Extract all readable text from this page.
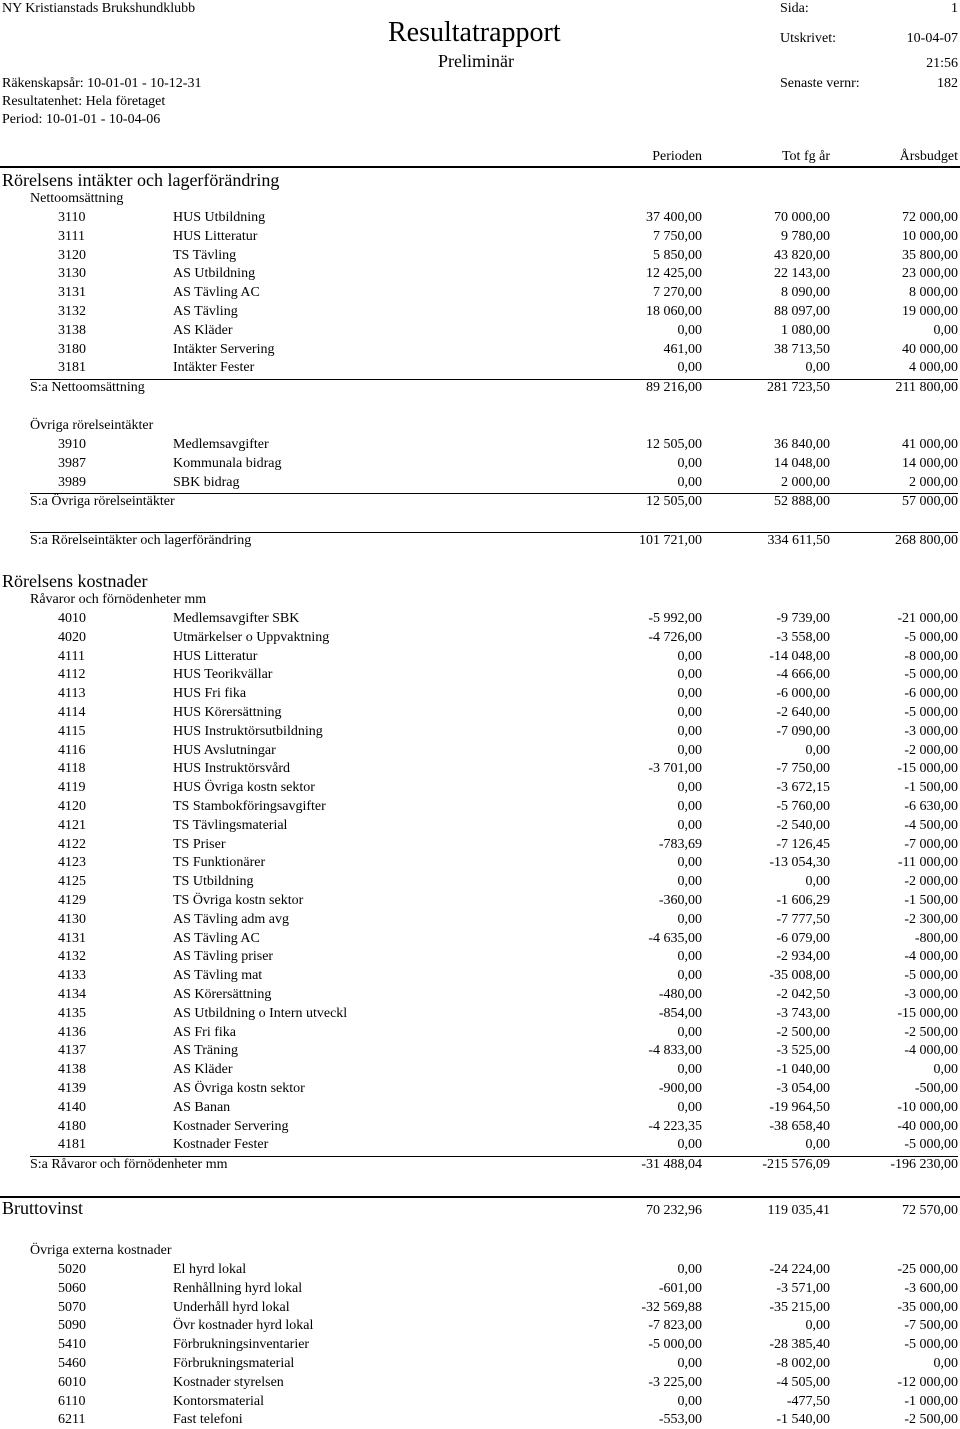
NY Kristianstads Brukshundklubb
Resultatrapport
Preliminär
Sida:	1
Utskrivet:	10-04-07
21:56
Räkenskapsår: 10-01-01 - 10-12-31
Resultatenhet: Hela företaget
Period: 10-01-01 - 10-04-06
Senaste vernr:	182
Perioden	Tot fg år	Årsbudget
Rörelsens intäkter och lagerförändring
Nettoomsättning
3110	HUS Utbildning	37 400,00	70 000,00	72 000,00
3111	HUS Litteratur	7 750,00	9 780,00	10 000,00
3120	TS Tävling	5 850,00	43 820,00	35 800,00
3130	AS Utbildning	12 425,00	22 143,00	23 000,00
3131	AS Tävling AC	7 270,00	8 090,00	8 000,00
3132	AS Tävling	18 060,00	88 097,00	19 000,00
3138	AS Kläder	0,00	1 080,00	0,00
3180	Intäkter Servering	461,00	38 713,50	40 000,00
3181	Intäkter Fester	0,00	0,00	4 000,00
S:a Nettoomsättning	89 216,00	281 723,50	211 800,00
Övriga rörelseintäkter
3910	Medlemsavgifter	12 505,00	36 840,00	41 000,00
3987	Kommunala bidrag	0,00	14 048,00	14 000,00
3989	SBK bidrag	0,00	2 000,00	2 000,00
S:a Övriga rörelseintäkter	12 505,00	52 888,00	57 000,00
S:a Rörelseintäkter och lagerförändring	101 721,00	334 611,50	268 800,00
Rörelsens kostnader
Råvaror och förnödenheter mm
4010	Medlemsavgifter SBK	-5 992,00	-9 739,00	-21 000,00
4020	Utmärkelser o Uppvaktning	-4 726,00	-3 558,00	-5 000,00
4111	HUS Litteratur	0,00	-14 048,00	-8 000,00
4112	HUS Teorikvällar	0,00	-4 666,00	-5 000,00
4113	HUS Fri fika	0,00	-6 000,00	-6 000,00
4114	HUS Körersättning	0,00	-2 640,00	-5 000,00
4115	HUS Instruktörsutbildning	0,00	-7 090,00	-3 000,00
4116	HUS Avslutningar	0,00	0,00	-2 000,00
4118	HUS Instruktörsvård	-3 701,00	-7 750,00	-15 000,00
4119	HUS Övriga kostn sektor	0,00	-3 672,15	-1 500,00
4120	TS Stambokföringsavgifter	0,00	-5 760,00	-6 630,00
4121	TS Tävlingsmaterial	0,00	-2 540,00	-4 500,00
4122	TS Priser	-783,69	-7 126,45	-7 000,00
4123	TS Funktionärer	0,00	-13 054,30	-11 000,00
4125	TS Utbildning	0,00	0,00	-2 000,00
4129	TS Övriga kostn sektor	-360,00	-1 606,29	-1 500,00
4130	AS Tävling adm avg	0,00	-7 777,50	-2 300,00
4131	AS Tävling AC	-4 635,00	-6 079,00	-800,00
4132	AS Tävling priser	0,00	-2 934,00	-4 000,00
4133	AS Tävling mat	0,00	-35 008,00	-5 000,00
4134	AS Körersättning	-480,00	-2 042,50	-3 000,00
4135	AS Utbildning o Intern utveckl	-854,00	-3 743,00	-15 000,00
4136	AS Fri fika	0,00	-2 500,00	-2 500,00
4137	AS Träning	-4 833,00	-3 525,00	-4 000,00
4138	AS Kläder	0,00	-1 040,00	0,00
4139	AS Övriga kostn sektor	-900,00	-3 054,00	-500,00
4140	AS Banan	0,00	-19 964,50	-10 000,00
4180	Kostnader Servering	-4 223,35	-38 658,40	-40 000,00
4181	Kostnader Fester	0,00	0,00	-5 000,00
S:a Råvaror och förnödenheter mm	-31 488,04	-215 576,09	-196 230,00
Bruttovinst	70 232,96	119 035,41	72 570,00
Övriga externa kostnader
5020	El hyrd lokal	0,00	-24 224,00	-25 000,00
5060	Renhållning hyrd lokal	-601,00	-3 571,00	-3 600,00
5070	Underhåll hyrd lokal	-32 569,88	-35 215,00	-35 000,00
5090	Övr kostnader hyrd lokal	-7 823,00	0,00	-7 500,00
5410	Förbrukningsinventarier	-5 000,00	-28 385,40	-5 000,00
5460	Förbrukningsmaterial	0,00	-8 002,00	0,00
6010	Kostnader styrelsen	-3 225,00	-4 505,00	-12 000,00
6110	Kontorsmaterial	0,00	-477,50	-1 000,00
6211	Fast telefoni	-553,00	-1 540,00	-2 500,00
